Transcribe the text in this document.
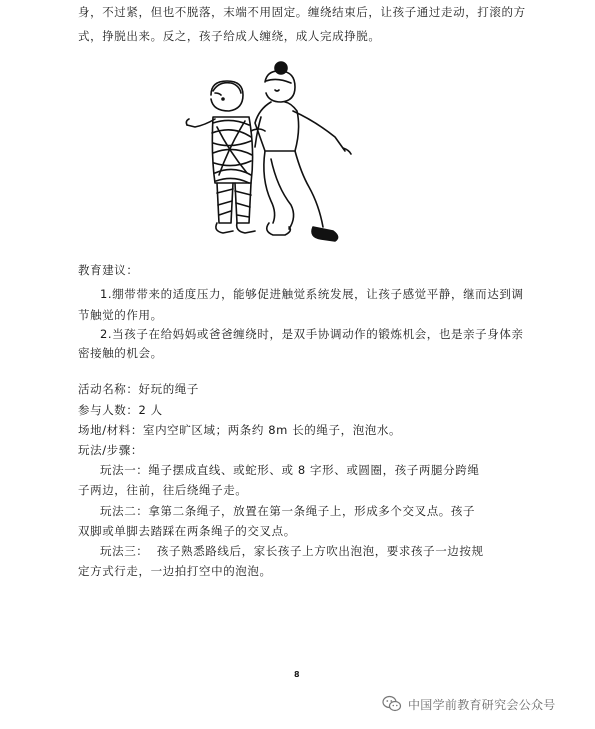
身，不过紧，但也不脱落，末端不用固定。缠绕结束后，让孩子通过走动，打滚的方
式，挣脱出来。反之，孩子给成人缠绕，成人完成挣脱。
教育建议：
1.绷带带来的适度压力，能够促进触觉系统发展，让孩子感觉平静，继而达到调
节触觉的作用。
2.当孩子在给妈妈或爸爸缠绕时，是双手协调动作的锻炼机会，也是亲子身体亲
密接触的机会。
活动名称：好玩的绳子
参与人数：2 人
场地/材料：室内空旷区域；两条约 8m 长的绳子，泡泡水。
玩法/步骤：
玩法一：绳子摆成直线、或蛇形、或 8 字形、或圆圈，孩子两腿分跨绳
子两边，往前，往后绕绳子走。
玩法二：拿第二条绳子，放置在第一条绳子上，形成多个交叉点。孩子
双脚或单脚去踏踩在两条绳子的交叉点。
玩法三：  孩子熟悉路线后，家长孩子上方吹出泡泡，要求孩子一边按规
定方式行走，一边拍打空中的泡泡。
8
中国学前教育研究会公众号
